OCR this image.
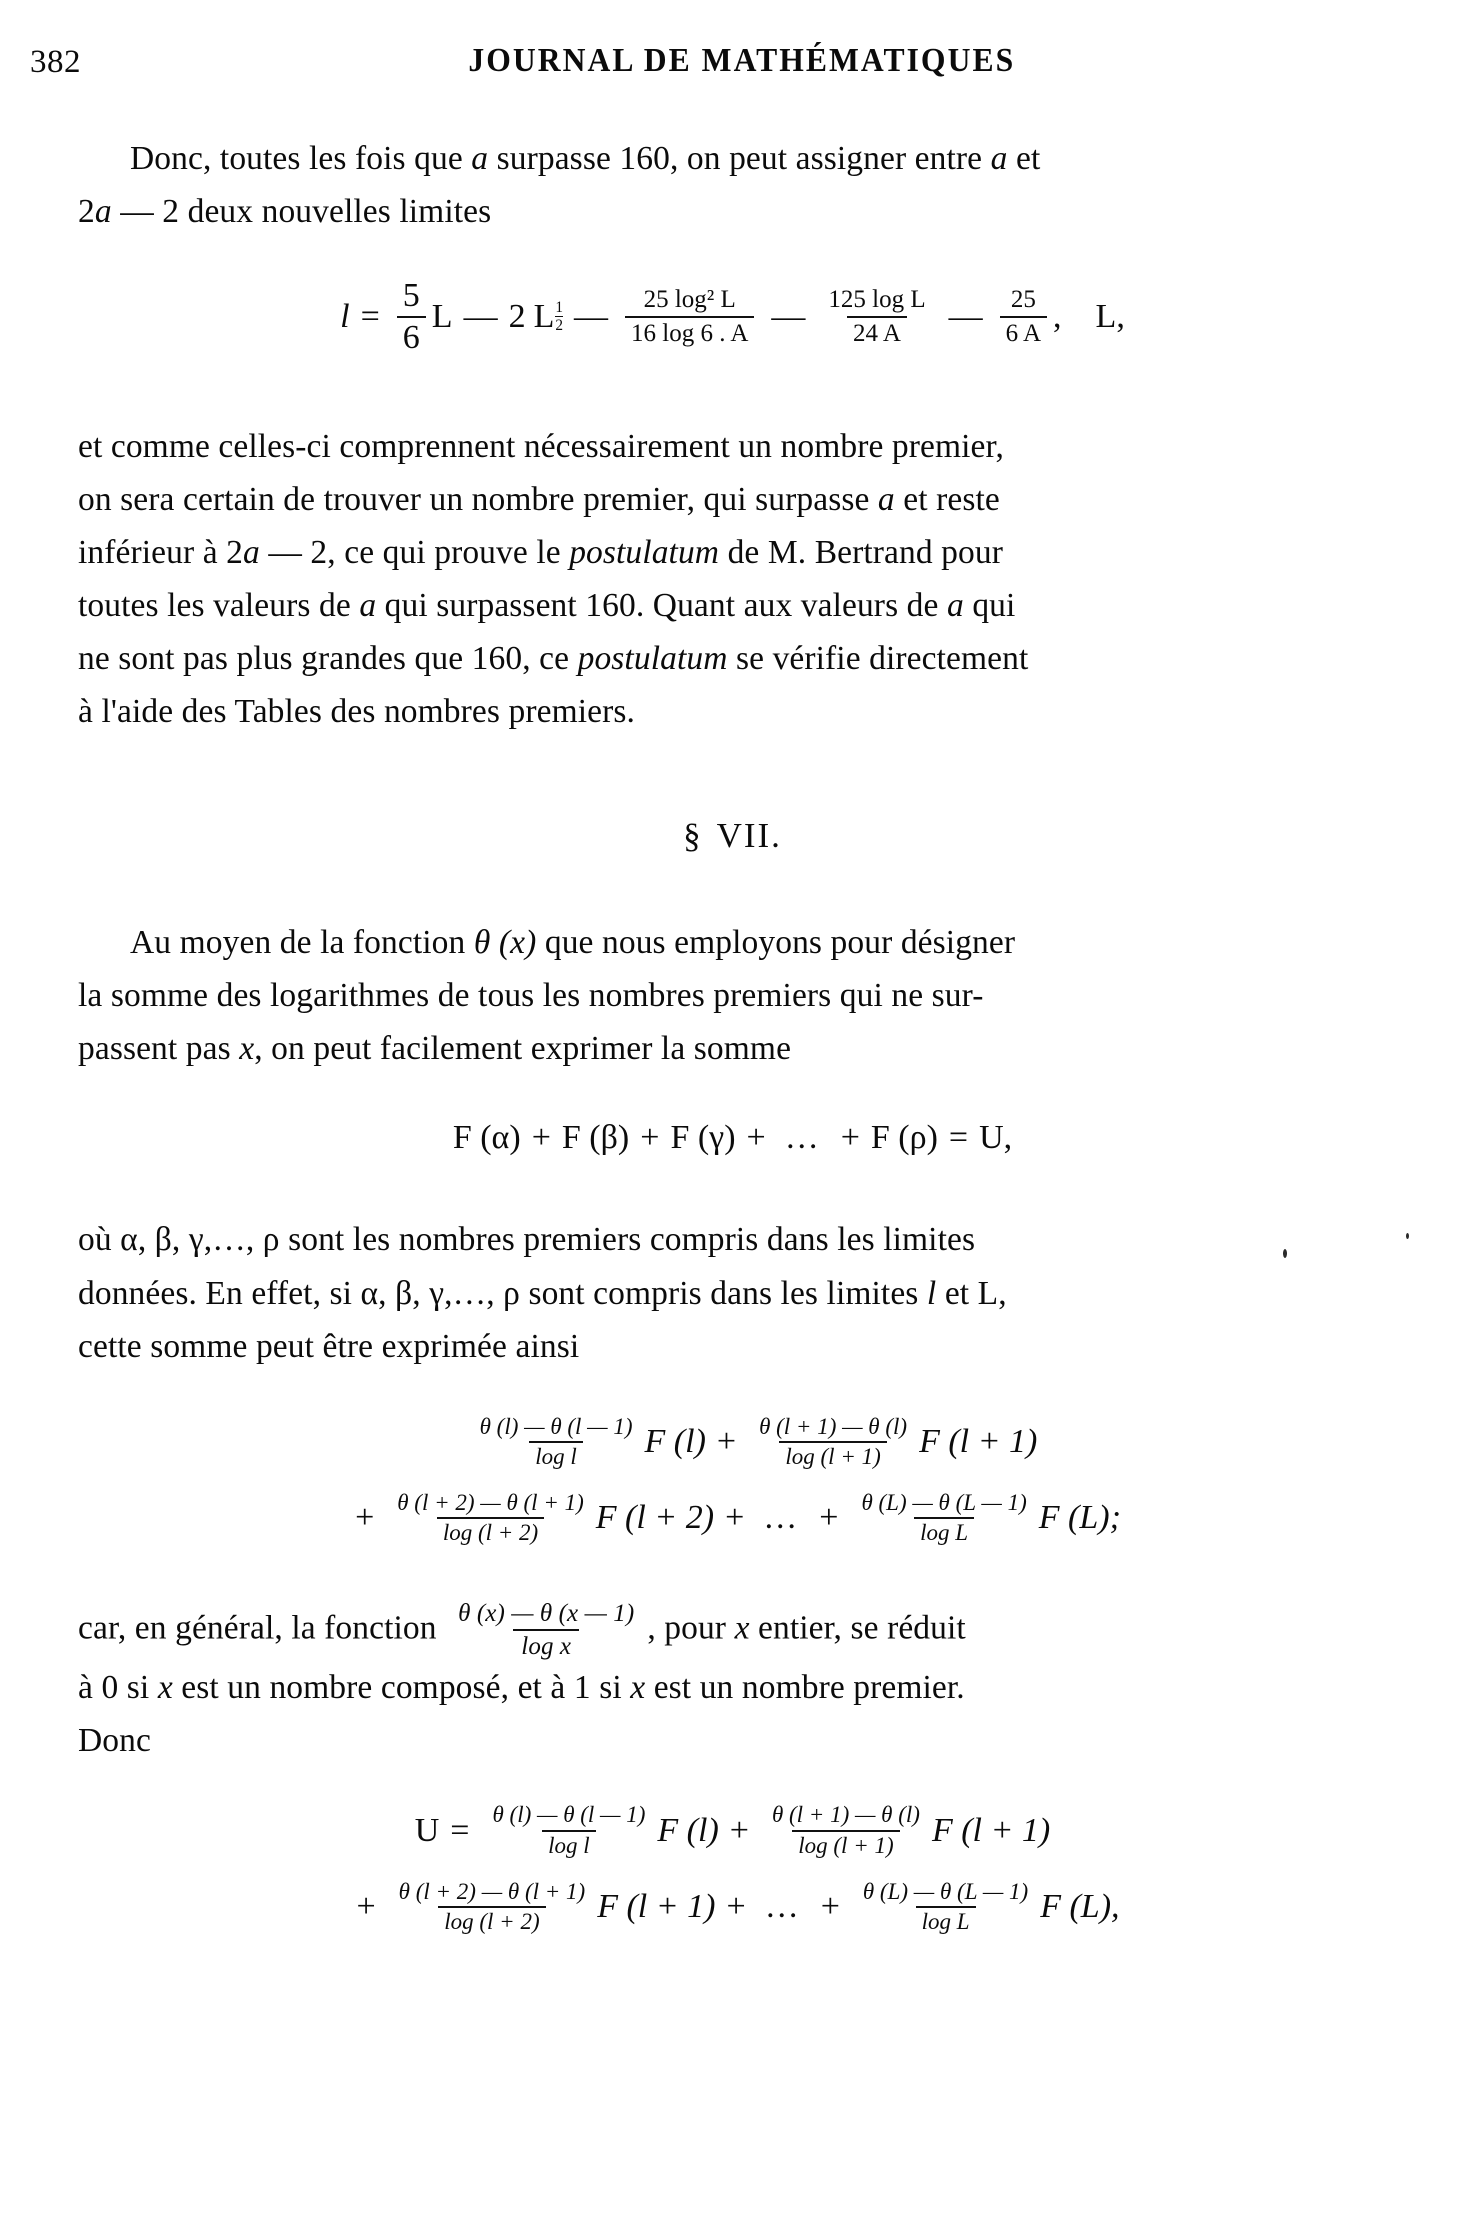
382	JOURNAL DE MATHÉMATIQUES

Donc, toutes les fois que a surpasse 160, on peut assigner entre a et
2a — 2 deux nouvelles limites

$l = \frac{5}{6}$ L — 2 L $\frac{1}{2}$ — $\frac{\text{25 log² L}}{16 \log 6 . A}$ — $\frac{\text{125 log L}}{24 A}$ — $\frac{25}{6 A}$ , L,

et comme celles-ci comprennent nécessairement un nombre premier,
on sera certain de trouver un nombre premier, qui surpasse a et reste
inférieur à 2a — 2, ce qui prouve le postulatum de M. Bertrand pour
toutes les valeurs de a qui surpassent 160. Quant aux valeurs de a qui
ne sont pas plus grandes que 160, ce postulatum se vérifie directement
à l'aide des Tables des nombres premiers.

§ VII.

Au moyen de la fonction θ (x) que nous employons pour désigner
la somme des logarithmes de tous les nombres premiers qui ne sur-
passent pas x, on peut facilement exprimer la somme

F (α) + F (β) + F (γ) + … + F (ρ) = U,

où α, β, γ,…, ρ sont les nombres premiers compris dans les limites
données. En effet, si α, β, γ,…, ρ sont compris dans les limites l et L,
cette somme peut être exprimée ainsi

$\frac{\theta (l) — \theta (l — 1)}{\text{log l}}$ F $(l) + \frac{\theta (l + 1) — \theta (l)}{\log (l + 1)}$ F (l + 1)
+ $\frac{\theta (l + 2) — \theta (l + 1)}{\log (l + 2)}$ F (l + 2) + … + $\frac{\theta (L) — \theta (L — 1)}{\text{log L}}$ F (L);

car, en général, la fonction $\frac{\theta (x) — \theta (x — 1)}{\text{log x}}$ , pour x entier, se réduit
à 0 si x est un nombre composé, et à 1 si x est un nombre premier.
Donc

$U = \frac{\theta (l) — \theta (l — 1)}{\text{log l}}$ F $(l) + \frac{\theta (l + 1) — \theta (l)}{\log (l + 1)}$ F (l + 1)
+ $\frac{\theta (l + 2) — \theta (l + 1)}{\log (l + 2)}$ F (l + 1) + … + $\frac{\theta (L) — \theta (L — 1)}{\text{log L}}$ F (L),
